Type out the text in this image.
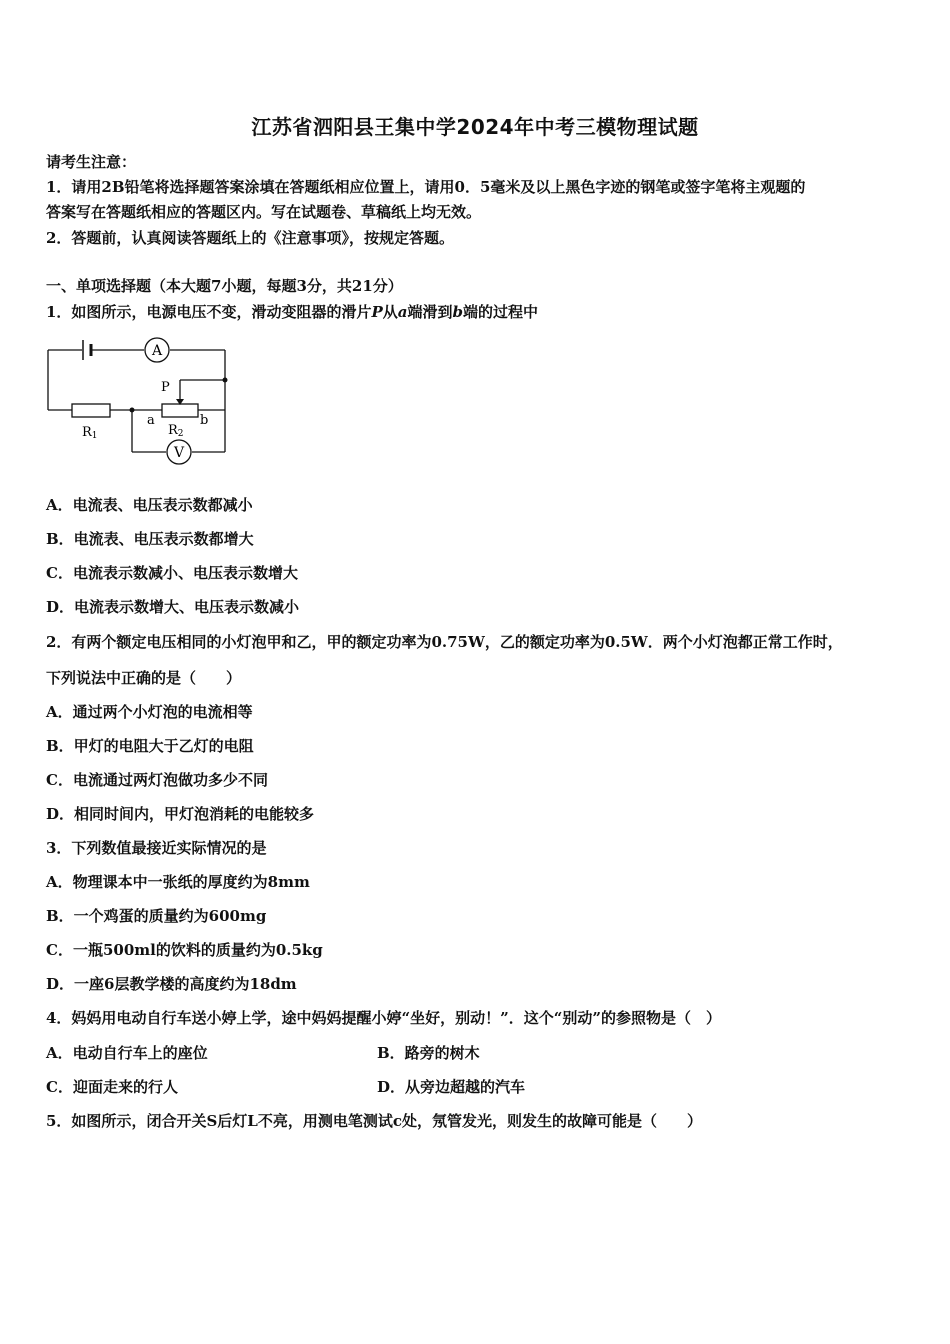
江苏省泗阳县王集中学2024年中考三模物理试题
请考生注意：
1．请用2B铅笔将选择题答案涂填在答题纸相应位置上，请用0．5毫米及以上黑色字迹的钢笔或签字笔将主观题的
答案写在答题纸相应的答题区内。写在试题卷、草稿纸上均无效。
2．答题前，认真阅读答题纸上的《注意事项》，按规定答题。
一、单项选择题（本大题7小题，每题3分，共21分）
1．如图所示，电源电压不变，滑动变阻器的滑片P从a端滑到b端的过程中
A
R1
P
a	b
R2
V
A．电流表、电压表示数都减小
B．电流表、电压表示数都增大
C．电流表示数减小、电压表示数增大
D．电流表示数增大、电压表示数减小
2．有两个额定电压相同的小灯泡甲和乙，甲的额定功率为0.75W，乙的额定功率为0.5W．两个小灯泡都正常工作时，
下列说法中正确的是（　　）
A．通过两个小灯泡的电流相等
B．甲灯的电阻大于乙灯的电阻
C．电流通过两灯泡做功多少不同
D．相同时间内，甲灯泡消耗的电能较多
3．下列数值最接近实际情况的是
A．物理课本中一张纸的厚度约为8mm
B．一个鸡蛋的质量约为600mg
C．一瓶500ml的饮料的质量约为0.5kg
D．一座6层教学楼的高度约为18dm
4．妈妈用电动自行车送小婷上学，途中妈妈提醒小婷“坐好，别动！”．这个“别动”的参照物是（　）
A．电动自行车上的座位	B．路旁的树木
C．迎面走来的行人	D．从旁边超越的汽车
5．如图所示，闭合开关S后灯L不亮，用测电笔测试c处，氖管发光，则发生的故障可能是（　　）
